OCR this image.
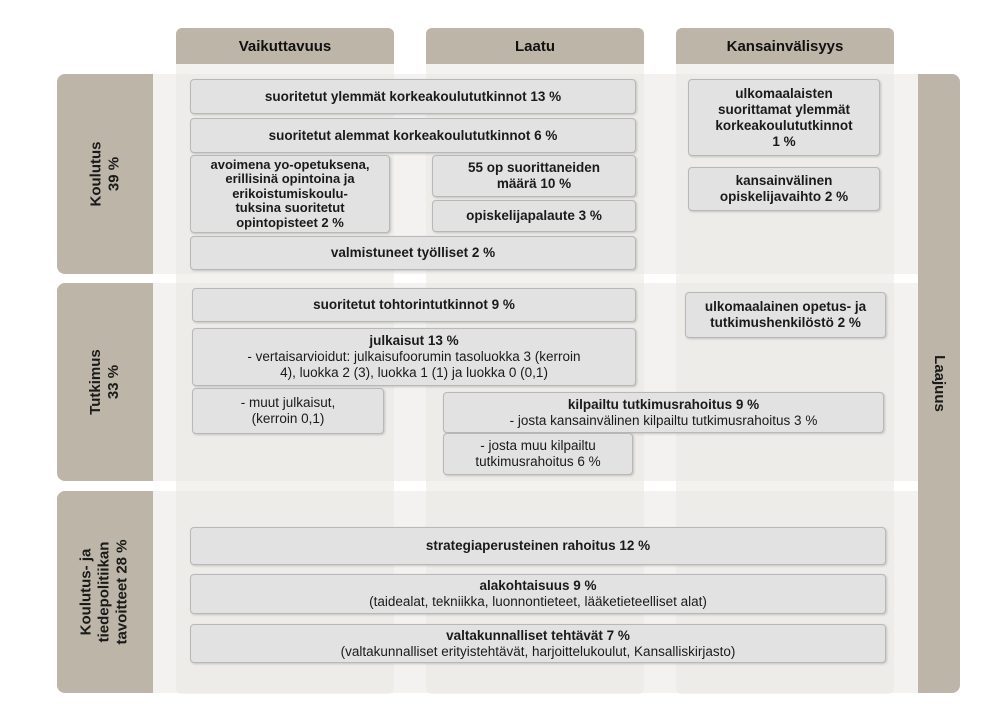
Vaikuttavuus	Laatu	Kansainvälisyys
Koulutus 39 %
Tutkimus 33 %
Koulutus- ja tiedepolitiikan tavoitteet 28 %
Laajuus
suoritetut ylemmät korkeakoulututkinnot 13 %
suoritetut alemmat korkeakoulututkinnot 6 %
avoimena yo-opetuksena,
erillisinä opintoina ja
erikoistumiskoulu-
tuksina suoritetut
opintopisteet 2 %
55 op suorittaneiden
määrä 10 %
opiskelijapalaute 3 %
valmistuneet työlliset 2 %
ulkomaalaisten
suorittamat ylemmät
korkeakoulututkinnot
1 %
kansainvälinen
opiskelijavaihto 2 %
suoritetut tohtorintutkinnot 9 %	ulkomaalainen opetus- ja
tutkimushenkilöstö 2 %
julkaisut 13 %
- vertaisarvioidut: julkaisufoorumin tasoluokka 3 (kerroin
4), luokka 2 (3), luokka 1 (1) ja luokka 0 (0,1)
- muut julkaisut,
(kerroin 0,1)
kilpailtu tutkimusrahoitus 9 %
- josta kansainvälinen kilpailtu tutkimusrahoitus 3 %
- josta muu kilpailtu
tutkimusrahoitus 6 %
strategiaperusteinen rahoitus 12 %
alakohtaisuus 9 %
(taidealat, tekniikka, luonnontieteet, lääketieteelliset alat)
valtakunnalliset tehtävät 7 %
(valtakunnalliset erityistehtävät, harjoittelukoulut, Kansalliskirjasto)
